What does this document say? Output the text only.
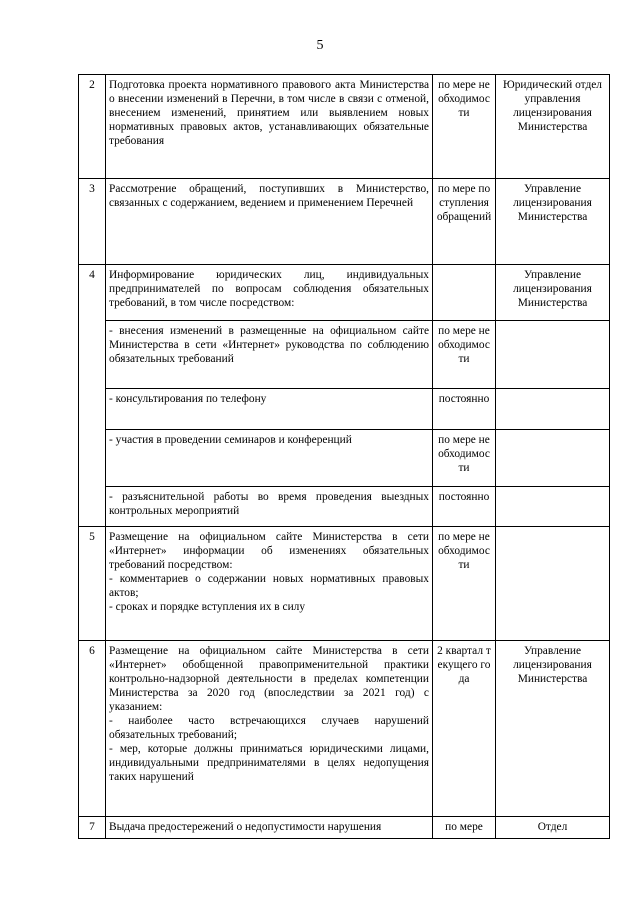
5
2	Подготовка проекта нормативного правового акта Министерства о внесении изменений в Перечни, в том числе в связи с отменой, внесением изменений, принятием или выявлением новых нормативных правовых актов, устанавливающих обязательные требования	по мере необходимости	Юридический отдел управления лицензирования Министерства
3	Рассмотрение обращений, поступивших в Министерство, связанных с содержанием, ведением и применением Перечней	по мере поступления обращений	Управление лицензирования Министерства
4	Информирование юридических лиц, индивидуальных предпринимателей по вопросам соблюдения обязательных требований, в том числе посредством:		Управление лицензирования Министерства
	- внесения изменений в размещенные на официальном сайте Министерства в сети «Интернет» руководства по соблюдению обязательных требований	по мере необходимости	
	- консультирования по телефону	постоянно	
	- участия в проведении семинаров и конференций	по мере необходимости	
	- разъяснительной работы во время проведения выездных контрольных мероприятий	постоянно	
5	Размещение на официальном сайте Министерства в сети «Интернет» информации об изменениях обязательных требований посредством:
- комментариев о содержании новых нормативных правовых актов;
- сроках и порядке вступления их в силу	по мере необходимости	
6	Размещение на официальном сайте Министерства в сети «Интернет» обобщенной правоприменительной практики контрольно-надзорной деятельности в пределах компетенции Министерства за 2020 год (впоследствии за 2021 год) с указанием:
- наиболее часто встречающихся случаев нарушений обязательных требований;
- мер, которые должны приниматься юридическими лицами, индивидуальными предпринимателями в целях недопущения таких нарушений	2 квартал текущего года	Управление лицензирования Министерства
7	Выдача предостережений о недопустимости нарушения	по мере	Отдел
